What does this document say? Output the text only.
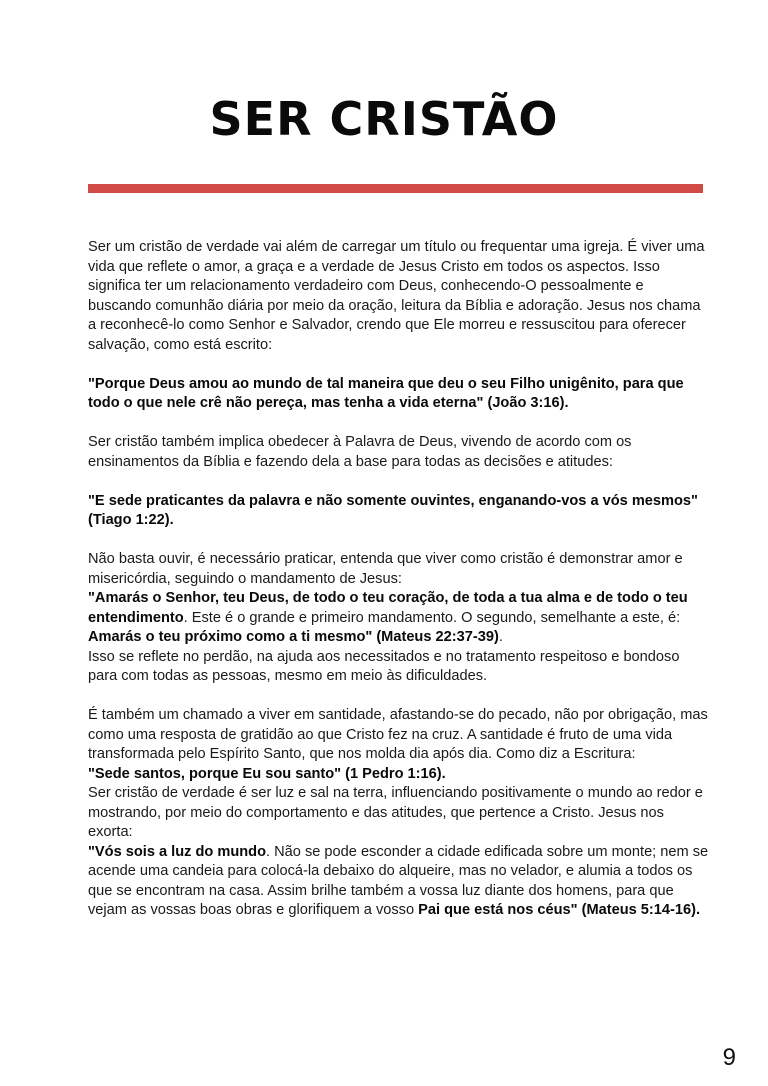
SER CRISTÃO

Ser um cristão de verdade vai além de carregar um título ou frequentar uma igreja. É viver uma vida que reflete o amor, a graça e a verdade de Jesus Cristo em todos os aspectos. Isso significa ter um relacionamento verdadeiro com Deus, conhecendo-O pessoalmente e buscando comunhão diária por meio da oração, leitura da Bíblia e adoração. Jesus nos chama a reconhecê-lo como Senhor e Salvador, crendo que Ele morreu e ressuscitou para oferecer salvação, como está escrito:

"Porque Deus amou ao mundo de tal maneira que deu o seu Filho unigênito, para que todo o que nele crê não pereça, mas tenha a vida eterna" (João 3:16).

Ser cristão também implica obedecer à Palavra de Deus, vivendo de acordo com os ensinamentos da Bíblia e fazendo dela a base para todas as decisões e atitudes:

"E sede praticantes da palavra e não somente ouvintes, enganando-vos a vós mesmos" (Tiago 1:22).

Não basta ouvir, é necessário praticar, entenda que viver como cristão é demonstrar amor e misericórdia, seguindo o mandamento de Jesus:

"Amarás o Senhor, teu Deus, de todo o teu coração, de toda a tua alma e de todo o teu entendimento. Este é o grande e primeiro mandamento. O segundo, semelhante a este, é: Amarás o teu próximo como a ti mesmo" (Mateus 22:37-39).

Isso se reflete no perdão, na ajuda aos necessitados e no tratamento respeitoso e bondoso para com todas as pessoas, mesmo em meio às dificuldades.

É também um chamado a viver em santidade, afastando-se do pecado, não por obrigação, mas como uma resposta de gratidão ao que Cristo fez na cruz. A santidade é fruto de uma vida transformada pelo Espírito Santo, que nos molda dia após dia. Como diz a Escritura:

"Sede santos, porque Eu sou santo" (1 Pedro 1:16).

Ser cristão de verdade é ser luz e sal na terra, influenciando positivamente o mundo ao redor e mostrando, por meio do comportamento e das atitudes, que pertence a Cristo. Jesus nos exorta:

"Vós sois a luz do mundo. Não se pode esconder a cidade edificada sobre um monte; nem se acende uma candeia para colocá-la debaixo do alqueire, mas no velador, e alumia a todos os que se encontram na casa. Assim brilhe também a vossa luz diante dos homens, para que vejam as vossas boas obras e glorifiquem a vosso Pai que está nos céus" (Mateus 5:14-16).

9
